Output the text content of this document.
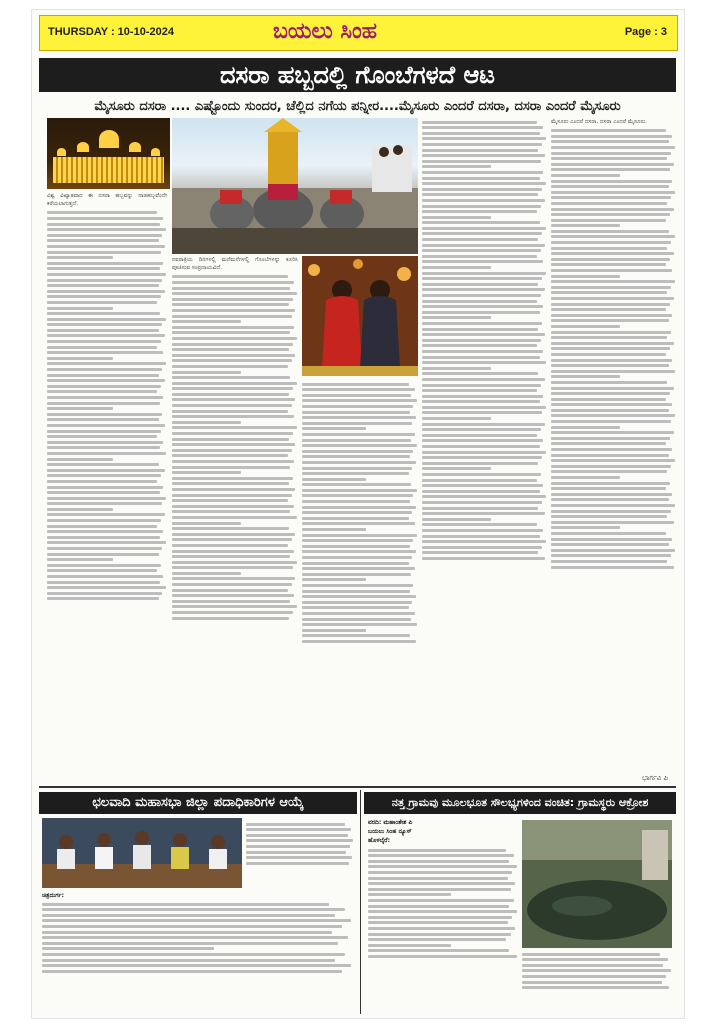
THURSDAY : 10-10-2024	ಬಯಲು ಸಿಂಹ	Page : 3
ದಸರಾ ಹಬ್ಬದಲ್ಲಿ ಗೊಂಬೆಗಳದೆ ಆಟ
ಮೈಸೂರು ದಸರಾ .... ಎಷ್ಟೊಂದು ಸುಂದರ, ಚೆಲ್ಲಿದ ನಗೆಯ ಪನ್ನೀರ....ಮೈಸೂರು ಎಂದರೆ ದಸರಾ, ದಸರಾ ಎಂದರೆ ಮೈಸೂರು

ವಿಶ್ವ ವಿಖ್ಯಾತವಾದ ಈ ದಸರಾ ಹಬ್ಬವನ್ನು ನಾಡಹಬ್ಬವೆಂದೇ ಕರೆಯಲಾಗುತ್ತದೆ.

ನವರಾತ್ರಿಯ ದಿನಗಳಲ್ಲಿ ಮನೆಮನೆಗಳಲ್ಲಿ ಗೊಂಬೆಗಳನ್ನು ಕೂರಿಸಿ ಪೂಜಿಸುವ ಸಂಪ್ರದಾಯವಿದೆ.

ಮೈಸೂರು ಎಂದರೆ ದಸರಾ, ದಸರಾ ಎಂದರೆ ಮೈಸೂರು.

ಭಾರ್ಗವಿ ಪಿ
ಛಲವಾದಿ ಮಹಾಸಭಾ ಜಿಲ್ಲಾ ಪದಾಧಿಕಾರಿಗಳ ಆಯ್ಕೆ
ಚಿತ್ರದುರ್ಗ:
ನತ್ತ ಗ್ರಾಮವು ಮೂಲಭೂತ ಸೌಲಭ್ಯಗಳಿಂದ ವಂಚಿತ: ಗ್ರಾಮಸ್ಥರು ಆಕ್ರೋಶ
ವರದಿ: ಮಹಾಂತೇಶ ಪಿ
ಬಯಲು ಸಿಂಹ ನ್ಯೂಸ್
ಹೊಳಲ್ಕೆರೆ:
